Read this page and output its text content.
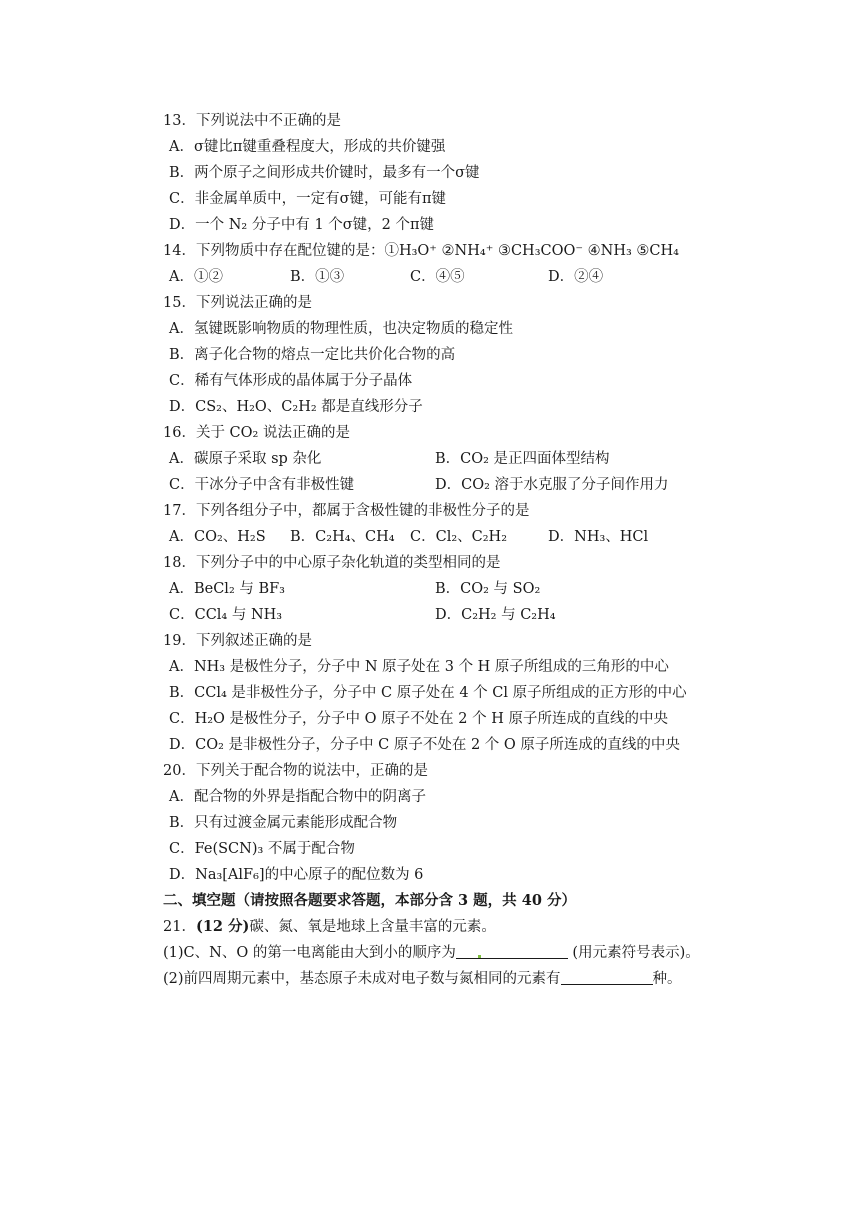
13．下列说法中不正确的是
A．σ键比π键重叠程度大，形成的共价键强
B．两个原子之间形成共价键时，最多有一个σ键
C．非金属单质中，一定有σ键，可能有π键
D．一个 N₂ 分子中有 1 个σ键，2 个π键
14．下列物质中存在配位键的是：①H₃O⁺ ②NH₄⁺ ③CH₃COO⁻ ④NH₃ ⑤CH₄
A．①②	B．①③	C．④⑤	D．②④
15．下列说法正确的是
A．氢键既影响物质的物理性质，也决定物质的稳定性
B．离子化合物的熔点一定比共价化合物的高
C．稀有气体形成的晶体属于分子晶体
D．CS₂、H₂O、C₂H₂ 都是直线形分子
16．关于 CO₂ 说法正确的是
A．碳原子采取 sp 杂化	B．CO₂ 是正四面体型结构
C．干冰分子中含有非极性键	D．CO₂ 溶于水克服了分子间作用力
17．下列各组分子中，都属于含极性键的非极性分子的是
A．CO₂、H₂S B．C₂H₄、CH₄ C．Cl₂、C₂H₂	D．NH₃、HCl
18．下列分子中的中心原子杂化轨道的类型相同的是
A．BeCl₂ 与 BF₃	B．CO₂ 与 SO₂
C．CCl₄ 与 NH₃	D．C₂H₂ 与 C₂H₄
19．下列叙述正确的是
A．NH₃ 是极性分子，分子中 N 原子处在 3 个 H 原子所组成的三角形的中心
B．CCl₄ 是非极性分子，分子中 C 原子处在 4 个 Cl 原子所组成的正方形的中心
C．H₂O 是极性分子，分子中 O 原子不处在 2 个 H 原子所连成的直线的中央
D．CO₂ 是非极性分子，分子中 C 原子不处在 2 个 O 原子所连成的直线的中央
20．下列关于配合物的说法中，正确的是
A．配合物的外界是指配合物中的阴离子
B．只有过渡金属元素能形成配合物
C．Fe(SCN)₃ 不属于配合物
D．Na₃[AlF₆]的中心原子的配位数为 6
二、填空题（请按照各题要求答题，本部分含 3 题，共 40 分）
21．(12 分)碳、氮、氧是地球上含量丰富的元素。
(1)C、N、O 的第一电离能由大到小的顺序为	(用元素符号表示)。
(2)前四周期元素中，基态原子未成对电子数与氮相同的元素有	种。
